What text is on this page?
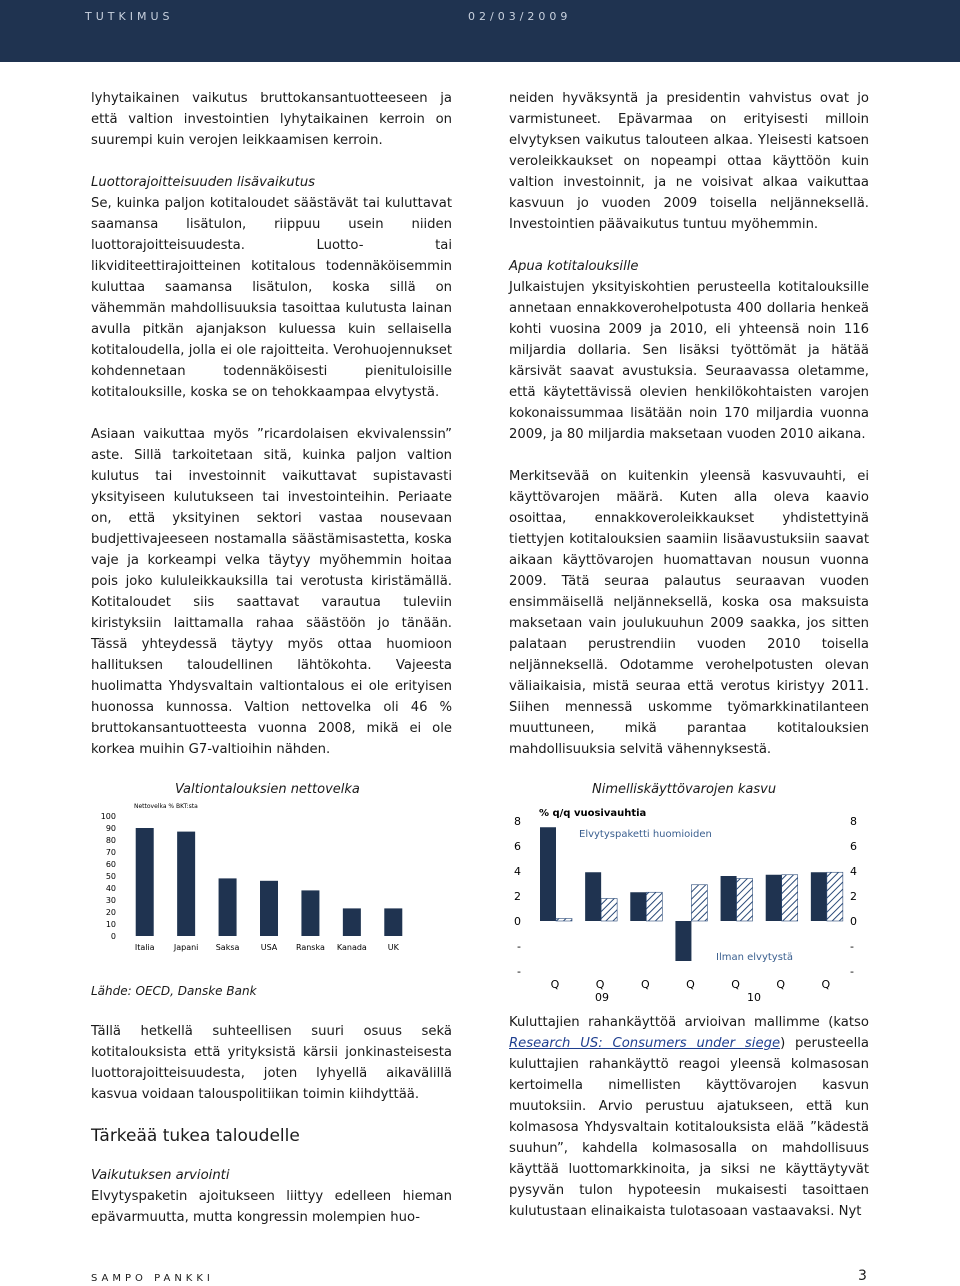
TUTKIMUS	02/03/2009

lyhytaikainen vaikutus bruttokansantuotteeseen ja että valtion investointien lyhytaikainen kerroin on suurempi kuin verojen leikkaamisen kerroin.

Luottorajoitteisuuden lisävaikutus

Se, kuinka paljon kotitaloudet säästävät tai kuluttavat saamansa lisätulon, riippuu usein niiden luottorajoitteisuudesta. Luotto- tai likviditeettirajoitteinen kotitalous todennäköisemmin kuluttaa saamansa lisätulon, koska sillä on vähemmän mahdollisuuksia tasoittaa kulutusta lainan avulla pitkän ajanjakson kuluessa kuin sellaisella kotitaloudella, jolla ei ole rajoitteita. Verohuojennukset kohdennetaan todennäköisesti pienituloisille kotitalouksille, koska se on tehokkaampaa elvytystä.

Asiaan vaikuttaa myös ”ricardolaisen ekvivalenssin” aste. Sillä tarkoitetaan sitä, kuinka paljon valtion kulutus tai investoinnit vaikuttavat supistavasti yksityiseen kulutukseen tai investointeihin. Periaate on, että yksityinen sektori vastaa nousevaan budjettivajeeseen nostamalla säästämisastetta, koska vaje ja korkeampi velka täytyy myöhemmin hoitaa pois joko kululeikkauksilla tai verotusta kiristämällä. Kotitaloudet siis saattavat varautua tuleviin kiristyksiin laittamalla rahaa säästöön jo tänään. Tässä yhteydessä täytyy myös ottaa huomioon hallituksen taloudellinen lähtökohta. Vajeesta huolimatta Yhdysvaltain valtiontalous ei ole erityisen huonossa kunnossa. Valtion nettovelka oli 46 % bruttokansantuotteesta vuonna 2008, mikä ei ole korkea muihin G7-valtioihin nähden.

neiden hyväksyntä ja presidentin vahvistus ovat jo varmistuneet. Epävarmaa on erityisesti milloin elvytyksen vaikutus talouteen alkaa. Yleisesti katsoen veroleikkaukset on nopeampi ottaa käyttöön kuin valtion investoinnit, ja ne voisivat alkaa vaikuttaa kasvuun jo vuoden 2009 toisella neljänneksellä. Investointien päävaikutus tuntuu myöhemmin.

Apua kotitalouksille

Julkaistujen yksityiskohtien perusteella kotitalouksille annetaan ennakkoverohelpotusta 400 dollaria henkeä kohti vuosina 2009 ja 2010, eli yhteensä noin 116 miljardia dollaria. Sen lisäksi työttömät ja hätää kärsivät saavat avustuksia. Seuraavassa oletamme, että käytettävissä olevien henkilökohtaisten varojen kokonaissummaa lisätään noin 170 miljardia vuonna 2009, ja 80 miljardia maksetaan vuoden 2010 aikana.

Merkitsevää on kuitenkin yleensä kasvuvauhti, ei käyttövarojen määrä. Kuten alla oleva kaavio osoittaa, ennakkoveroleikkaukset yhdistettyinä tiettyjen kotitalouksien saamiin lisäavustuksiin saavat aikaan käyttövarojen huomattavan nousun vuonna 2009. Tätä seuraa palautus seuraavan vuoden ensimmäisellä neljänneksellä, koska osa maksuista maksetaan vain joulukuuhun 2009 saakka, jos sitten palataan perustrendiin vuoden 2010 toisella neljänneksellä. Odotamme verohelpotusten olevan väliaikaisia, mistä seuraa että verotus kiristyy 2011. Siihen mennessä uskomme työmarkkinatilanteen muuttuneen, mikä parantaa kotitalouksien mahdollisuuksia selvitä vähennyksestä.

Valtiontalouksien nettovelka
Nettovelka % BKT:sta
100
90
80
70
60
50
40
30
20
10
0
Italia Japani Saksa	USA Ranska Kanada	UK
Nimelliskäyttövarojen kasvu
% q/q vuosivauhtia
Elvytyspaketti huomioiden
Ilman elvytystä
09	10
8	8
6	6
4	4
2	2
0	0
-	-
-	-
Q	Q	Q	Q	Q	Q	Q
Lähde: OECD, Danske Bank

Tällä hetkellä suhteellisen suuri osuus sekä kotitalouksista että yrityksistä kärsii jonkinasteisesta luottorajoitteisuudesta, joten lyhyellä aikavälillä kasvua voidaan talouspolitiikan toimin kiihdyttää.

Tärkeää tukea taloudelle
Vaikutuksen arviointi

Elvytyspaketin ajoitukseen liittyy edelleen hieman epävarmuutta, mutta kongressin molempien huo-

Kuluttajien rahankäyttöä arvioivan mallimme (katso Research US: Consumers under siege) perusteella kuluttajien rahankäyttö reagoi yleensä kolmasosan kertoimella nimellisten käyttövarojen kasvun muutoksiin. Arvio perustuu ajatukseen, että kun kolmasosa Yhdysvaltain kotitalouksista elää ”kädestä suuhun”, kahdella kolmasosalla on mahdollisuus käyttää luottomarkkinoita, ja siksi ne käyttäytyvät pysyvän tulon hypoteesin mukaisesti tasoittaen kulutustaan elinaikaista tulotasoaan vastaavaksi. Nyt

SAMPO PANKKI	3
